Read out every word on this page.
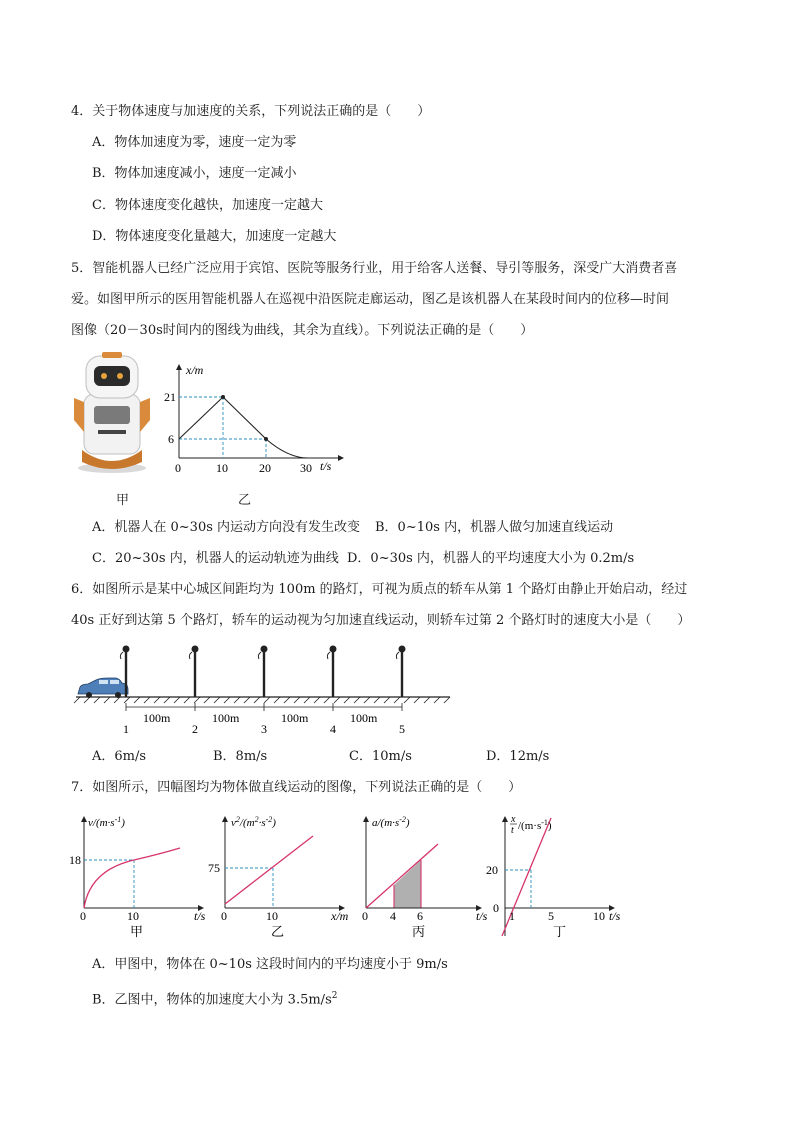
4．关于物体速度与加速度的关系，下列说法正确的是（　　）
A．物体加速度为零，速度一定为零
B．物体加速度减小，速度一定减小
C．物体速度变化越快，加速度一定越大
D．物体速度变化量越大，加速度一定越大
5．智能机器人已经广泛应用于宾馆、医院等服务行业，用于给客人送餐、导引等服务，深受广大消费者喜
爱。如图甲所示的医用智能机器人在巡视中沿医院走廊运动，图乙是该机器人在某段时间内的位移—时间
图像（20－30s时间内的图线为曲线，其余为直线）。下列说法正确的是（　　）
甲
x/m
t/s
21
6
0	10	20 30
乙
A．机器人在 0~30s 内运动方向没有发生改变 B．0~10s 内，机器人做匀加速直线运动
C．20~30s 内，机器人的运动轨迹为曲线 D．0~30s 内，机器人的平均速度大小为 0.2m/s
6．如图所示是某中心城区间距均为 100m 的路灯，可视为质点的轿车从第 1 个路灯由静止开始启动，经过
40s 正好到达第 5 个路灯，轿车的运动视为匀加速直线运动，则轿车过第 2 个路灯时的速度大小是（　　）
100m	100m	100m	100m
1	2	3	4	5
A．6m/s	B．8m/s	C．10m/s	D．12m/s
7．如图所示，四幅图均为物体做直线运动的图像，下列说法正确的是（　　）
$v/(m\cdot s^{-1})$
18
0	10	t/s
甲
$v^2/(m^2\cdot s^{-2})$
75
0	10	x/m
乙
$a/(m\cdot s^{-2})$
0 4 6	t/s
丙
x
t $/(m\cdot s^{-1})$
20
0
1	5	10 t/s
丁
A．甲图中，物体在 0~10s 这段时间内的平均速度小于 9m/s
B．乙图中，物体的加速度大小为 $3.5m/s^2$
